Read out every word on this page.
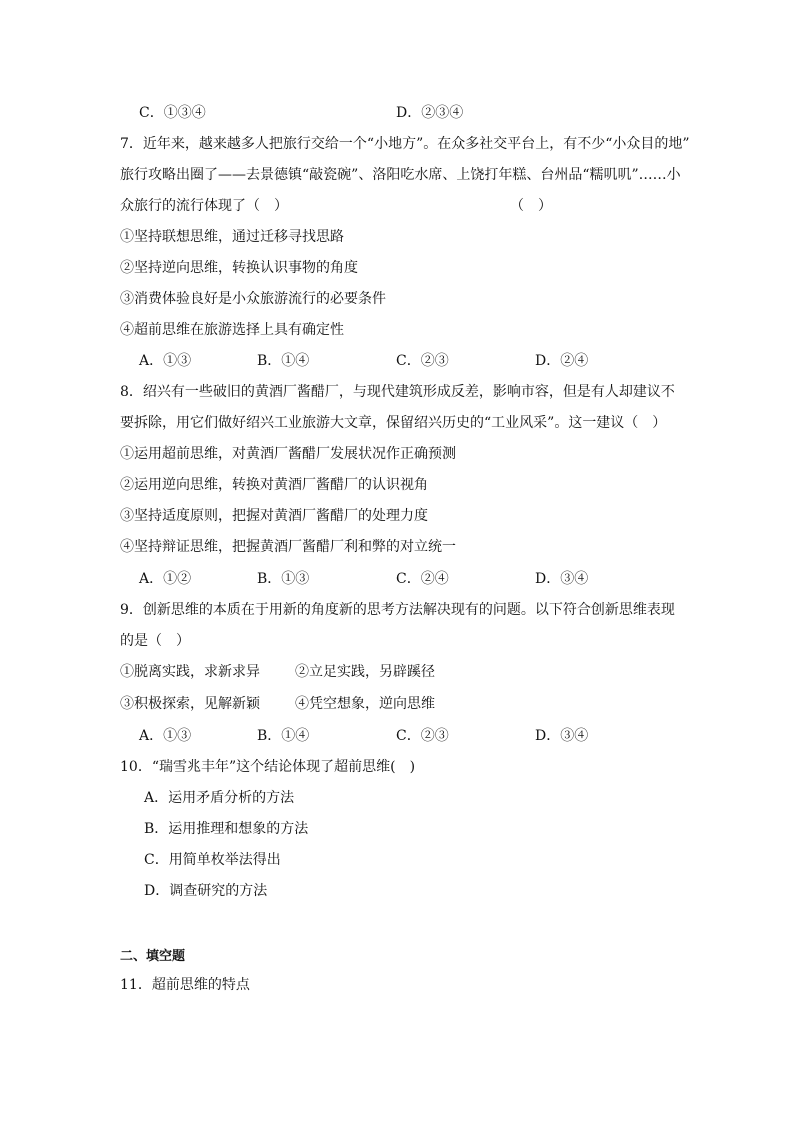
C．①③④	D．②③④
7．近年来，越来越多人把旅行交给一个“小地方”。在众多社交平台上，有不少“小众目的地”
旅行攻略出圈了——去景德镇“敲瓷碗”、洛阳吃水席、上饶打年糕、台州品“糯叽叽”……小
众旅行的流行体现了（　）	（　）
①坚持联想思维，通过迁移寻找思路
②坚持逆向思维，转换认识事物的角度
③消费体验良好是小众旅游流行的必要条件
④超前思维在旅游选择上具有确定性
A．①③	B．①④	C．②③	D．②④
8．绍兴有一些破旧的黄酒厂酱醋厂，与现代建筑形成反差，影响市容，但是有人却建议不
要拆除，用它们做好绍兴工业旅游大文章，保留绍兴历史的“工业风采”。这一建议（　）
①运用超前思维，对黄酒厂酱醋厂发展状况作正确预测
②运用逆向思维，转换对黄酒厂酱醋厂的认识视角
③坚持适度原则，把握对黄酒厂酱醋厂的处理力度
④坚持辩证思维，把握黄酒厂酱醋厂利和弊的对立统一
A．①②	B．①③	C．②④	D．③④
9．创新思维的本质在于用新的角度新的思考方法解决现有的问题。以下符合创新思维表现
的是（　）
①脱离实践，求新求异	②立足实践，另辟蹊径
③积极探索，见解新颖	④凭空想象，逆向思维
A．①③	B．①④	C．②③	D．③④
10．“瑞雪兆丰年”这个结论体现了超前思维(　)
A．运用矛盾分析的方法
B．运用推理和想象的方法
C．用简单枚举法得出
D．调查研究的方法
二、填空题
11．超前思维的特点
